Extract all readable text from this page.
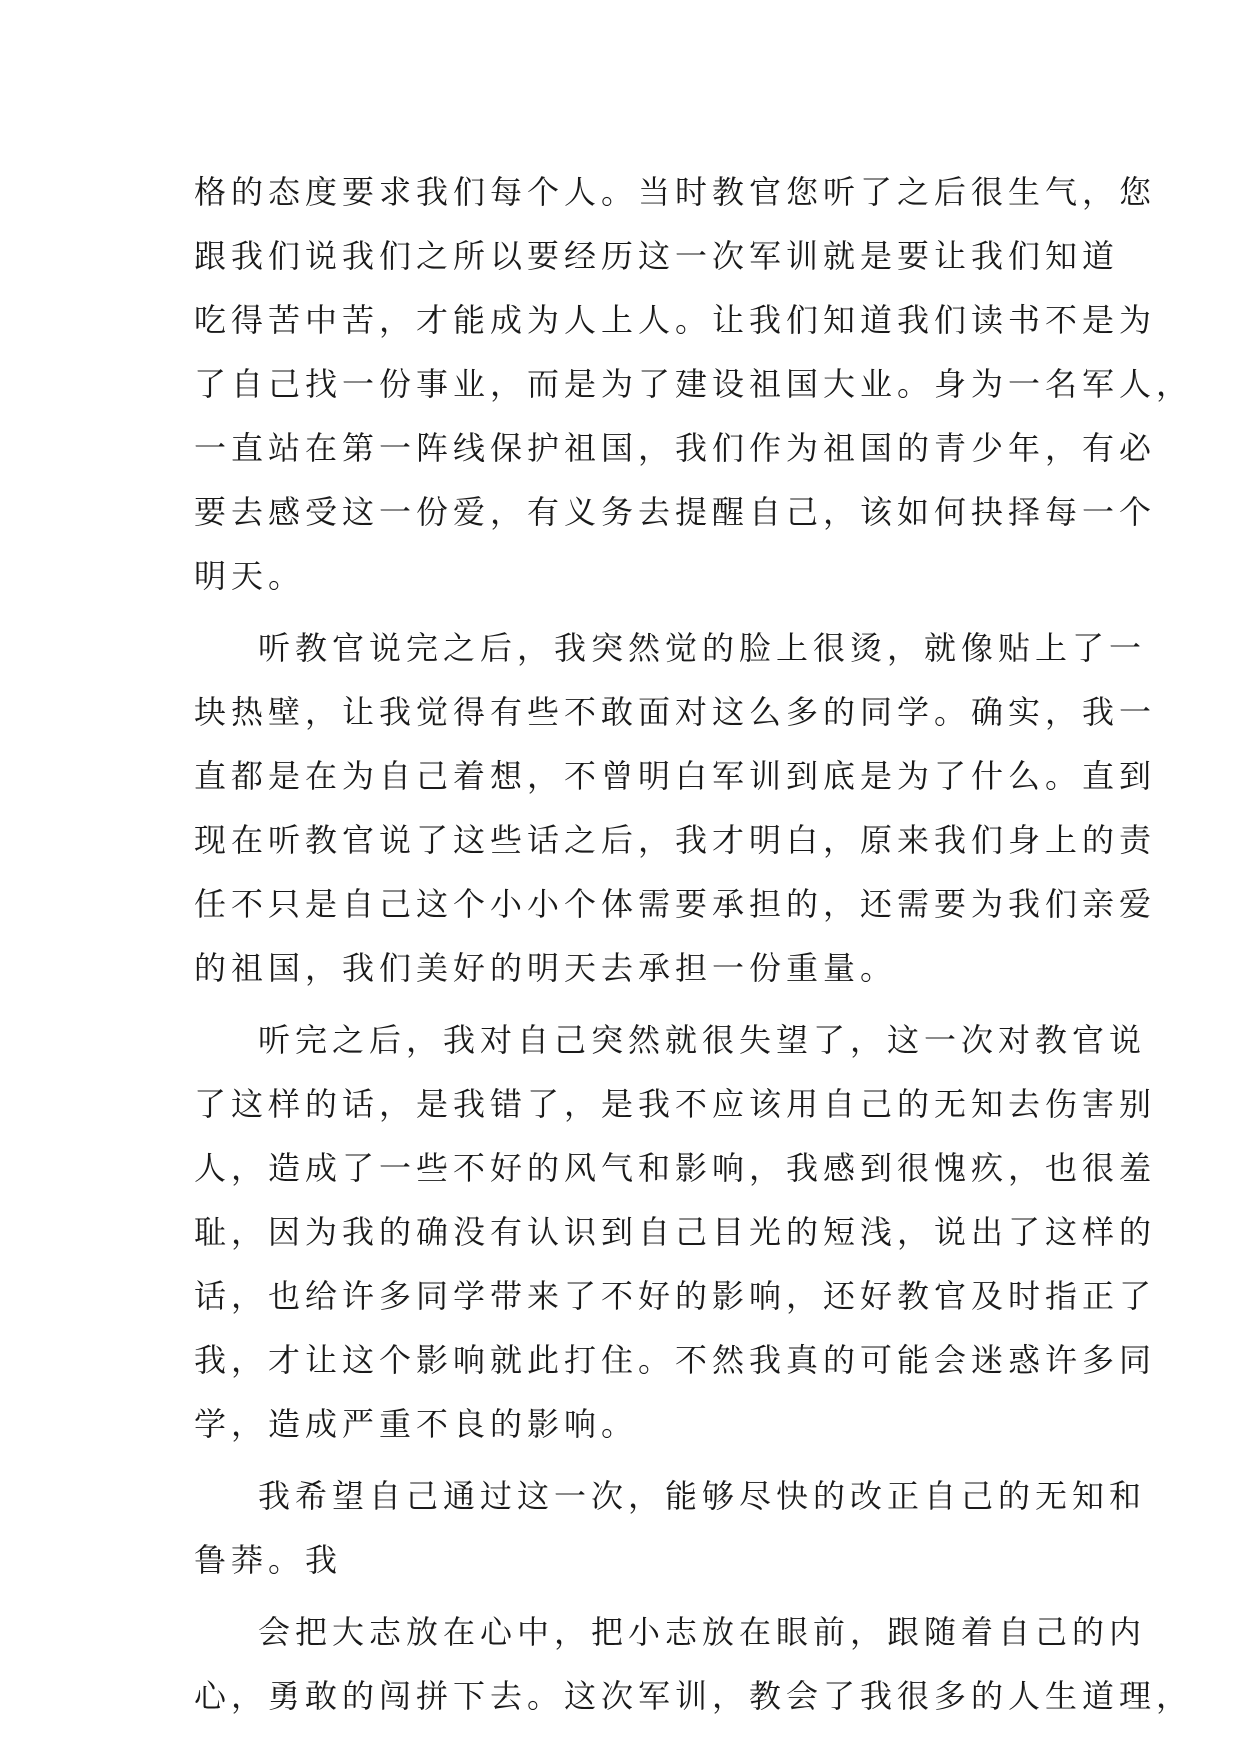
格的态度要求我们每个人。当时教官您听了之后很生气，您
跟我们说我们之所以要经历这一次军训就是要让我们知道
吃得苦中苦，才能成为人上人。让我们知道我们读书不是为
了自己找一份事业，而是为了建设祖国大业。身为一名军人，
一直站在第一阵线保护祖国，我们作为祖国的青少年，有必
要去感受这一份爱，有义务去提醒自己，该如何抉择每一个
明天。
听教官说完之后，我突然觉的脸上很烫，就像贴上了一
块热壁，让我觉得有些不敢面对这么多的同学。确实，我一
直都是在为自己着想，不曾明白军训到底是为了什么。直到
现在听教官说了这些话之后，我才明白，原来我们身上的责
任不只是自己这个小小个体需要承担的，还需要为我们亲爱
的祖国，我们美好的明天去承担一份重量。
听完之后，我对自己突然就很失望了，这一次对教官说
了这样的话，是我错了，是我不应该用自己的无知去伤害别
人，造成了一些不好的风气和影响，我感到很愧疚，也很羞
耻，因为我的确没有认识到自己目光的短浅，说出了这样的
话，也给许多同学带来了不好的影响，还好教官及时指正了
我，才让这个影响就此打住。不然我真的可能会迷惑许多同
学，造成严重不良的影响。
我希望自己通过这一次，能够尽快的改正自己的无知和
鲁莽。我
会把大志放在心中，把小志放在眼前，跟随着自己的内
心，勇敢的闯拼下去。这次军训，教会了我很多的人生道理，
